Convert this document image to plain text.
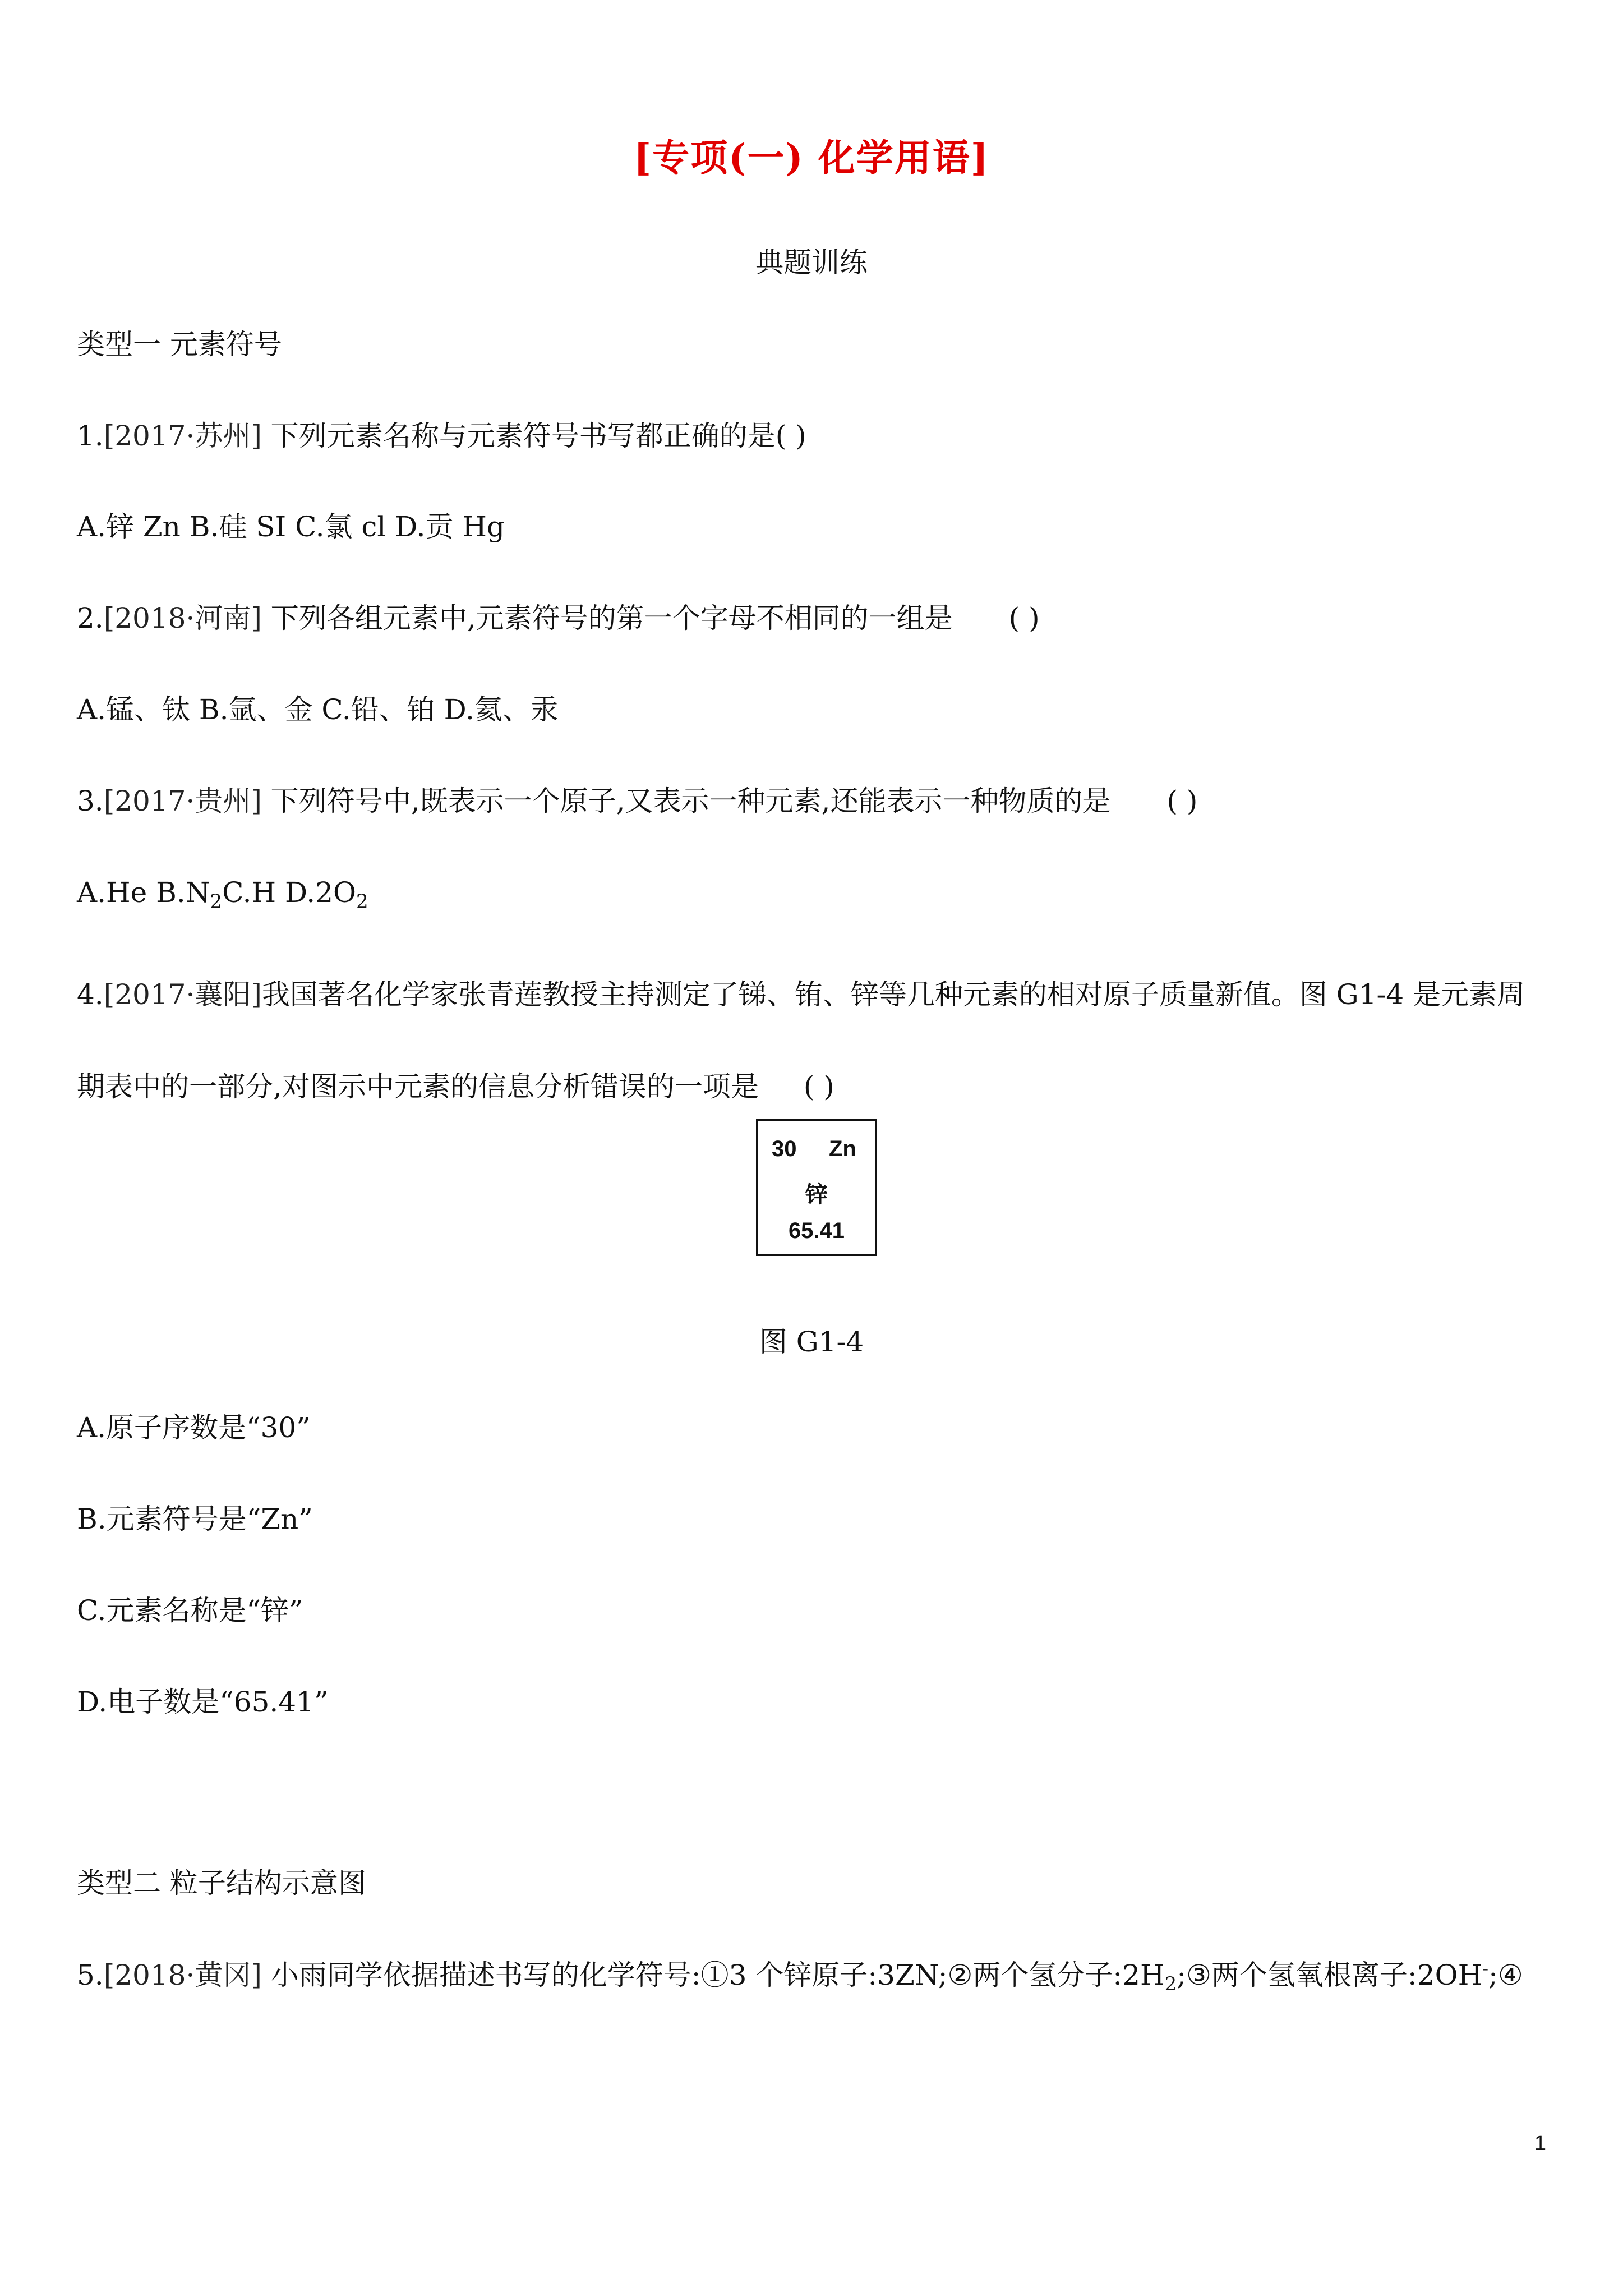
[专项(一) 化学用语]
典题训练
类型一 元素符号
1.[2017·苏州] 下列元素名称与元素符号书写都正确的是( )
A.锌 Zn B.硅 SI C.氯 cl D.贡 Hg
2.[2018·河南] 下列各组元素中,元素符号的第一个字母不相同的一组是 ( )
A.锰、钛 B.氩、金 C.铅、铂 D.氦、汞
3.[2017·贵州] 下列符号中,既表示一个原子,又表示一种元素,还能表示一种物质的是 ( )
A.He $B.N_2C.H$ $D.2O_2$
4.[2017·襄阳]我国著名化学家张青莲教授主持测定了锑、铕、锌等几种元素的相对原子质量新值。图 G1-4 是元素周期表中的一部分,对图示中元素的信息分析错误的一项是 ( )
30 Zn
锌
65.41
图 G1-4
A.原子序数是“30”
B.元素符号是“Zn”
C.元素名称是“锌”
D.电子数是“65.41”
类型二 粒子结构示意图
5.[2018·黄冈] 小雨同学依据描述书写的化学符号:①3 个锌原子:3ZN;②两个氢分子$:2H_2;③$两个氢氧根离子:2OH-;④
1
